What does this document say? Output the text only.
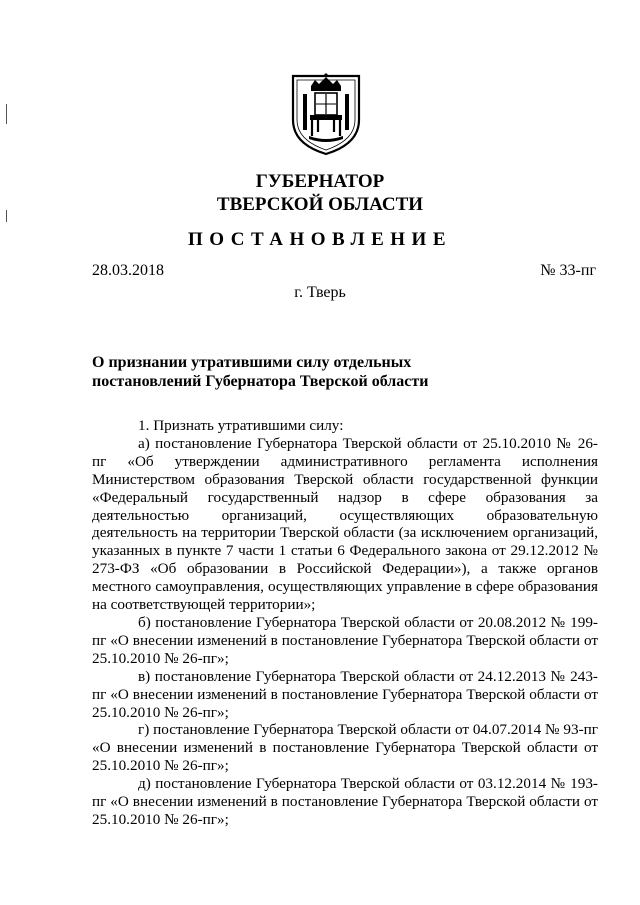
ГУБЕРНАТОР
ТВЕРСКОЙ ОБЛАСТИ
ПОСТАНОВЛЕНИЕ
28.03.2018	№ 33-пг
г. Тверь
О признании утратившими силу отдельных
постановлений Губернатора Тверской области

1. Признать утратившими силу:

а) постановление Губернатора Тверской области от 25.10.2010 № 26-пг «Об утверждении административного регламента исполнения Министерством образования Тверской области государственной функции «Федеральный государственный надзор в сфере образования за деятельностью организаций, осуществляющих образовательную деятельность на территории Тверской области (за исключением организаций, указанных в пункте 7 части 1 статьи 6 Федерального закона от 29.12.2012 № 273-ФЗ «Об образовании в Российской Федерации»), а также органов местного самоуправления, осуществляющих управление в сфере образования на соответствующей территории»;

б) постановление Губернатора Тверской области от 20.08.2012 № 199-пг «О внесении изменений в постановление Губернатора Тверской области от 25.10.2010 № 26-пг»;

в) постановление Губернатора Тверской области от 24.12.2013 № 243-пг «О внесении изменений в постановление Губернатора Тверской области от 25.10.2010 № 26-пг»;

г) постановление Губернатора Тверской области от 04.07.2014 № 93-пг «О внесении изменений в постановление Губернатора Тверской области от 25.10.2010 № 26-пг»;

д) постановление Губернатора Тверской области от 03.12.2014 № 193-пг «О внесении изменений в постановление Губернатора Тверской области от 25.10.2010 № 26-пг»;
